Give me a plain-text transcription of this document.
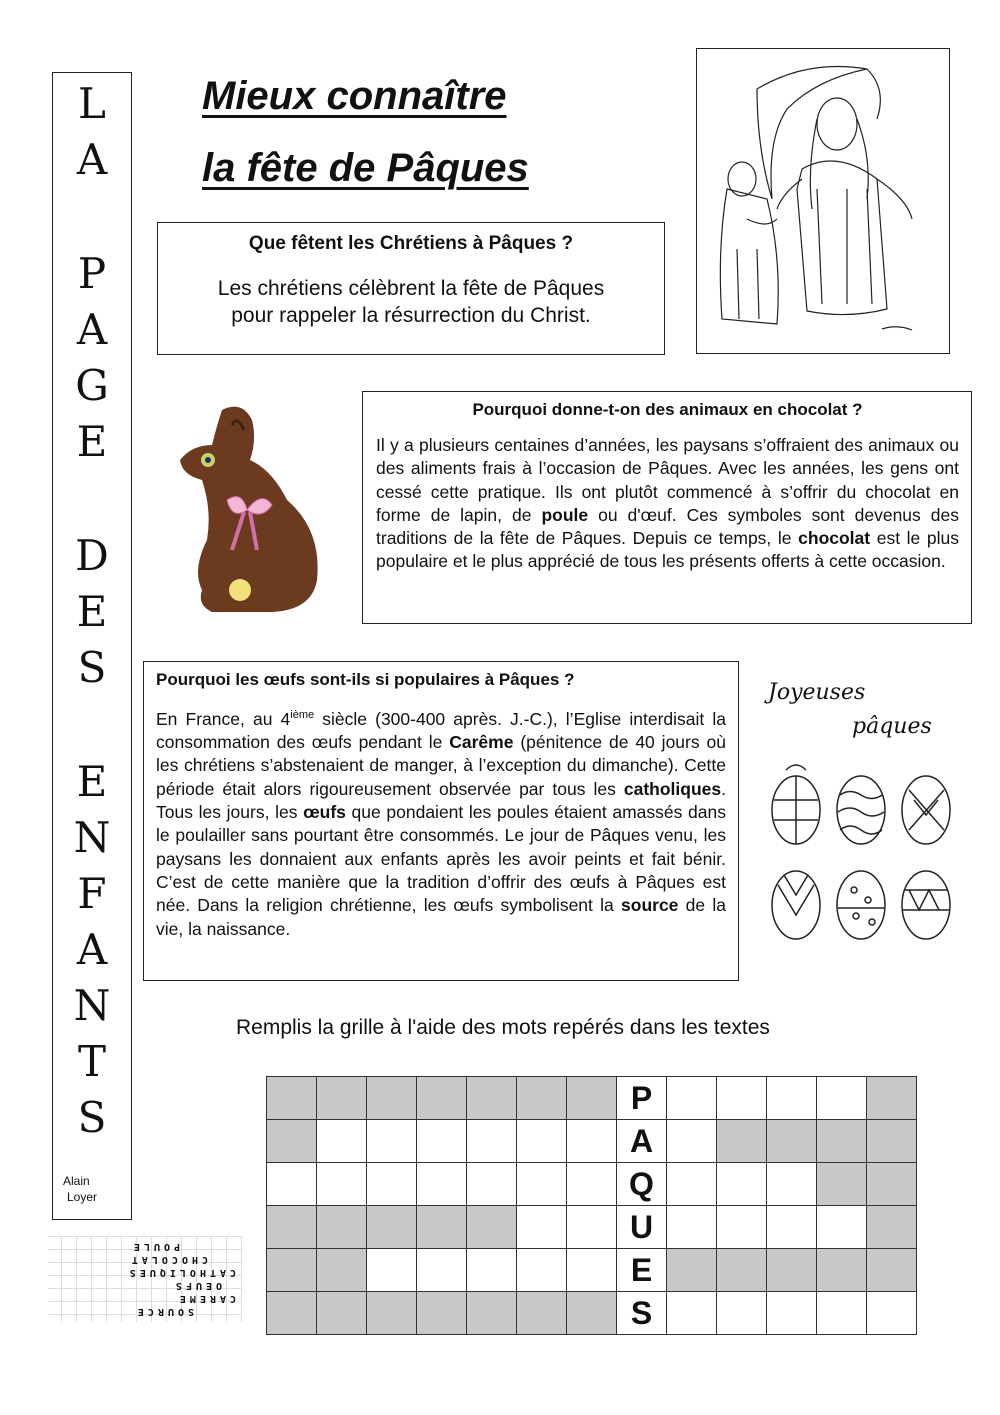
L
A
P
A
G
E
D
E
S
E
N
F
A
N
T
S
Alain
Loyer
Mieux connaître
la fête de Pâques
Que fêtent les Chrétiens à Pâques ?

Les chrétiens célèbrent la fête de Pâques

pour rappeler la résurrection du Christ.

Pourquoi donne-t-on des animaux en chocolat ?

Il y a plusieurs centaines d’années, les paysans s’offraient des animaux ou des aliments frais à l’occasion de Pâques. Avec les années, les gens ont cessé cette pratique. Ils ont plutôt commencé à s’offrir du chocolat en forme de lapin, de poule ou d'œuf. Ces symboles sont devenus des traditions de la fête de Pâques. Depuis ce temps, le chocolat est le plus populaire et le plus apprécié de tous les présents offerts à cette occasion.

Pourquoi les œufs sont-ils si populaires à Pâques ?

En France, au 4ième siècle (300-400 après. J.-C.), l’Eglise interdisait la consommation des œufs pendant le Carême (pénitence de 40 jours où les chrétiens s’abstenaient de manger, à l’exception du dimanche). Cette période était alors rigoureusement observée par tous les catholiques. Tous les jours, les œufs que pondaient les poules étaient amassés dans le poulailler sans pourtant être consommés. Le jour de Pâques venu, les paysans les donnaient aux enfants après les avoir peints et fait bénir. C’est de cette manière que la tradition d’offrir des œufs à Pâques est née. Dans la religion chrétienne, les œufs symbolisent la source de la vie, la naissance.

Joyeuses
pâques
Remplis la grille à l'aide des mots repérés dans les textes
							P					
							A					
							Q					
							U					
							E					
							S					
SOURCE
CAREME
OEUFS
CATHOLIQUES
CHOCOLAT
POULE
